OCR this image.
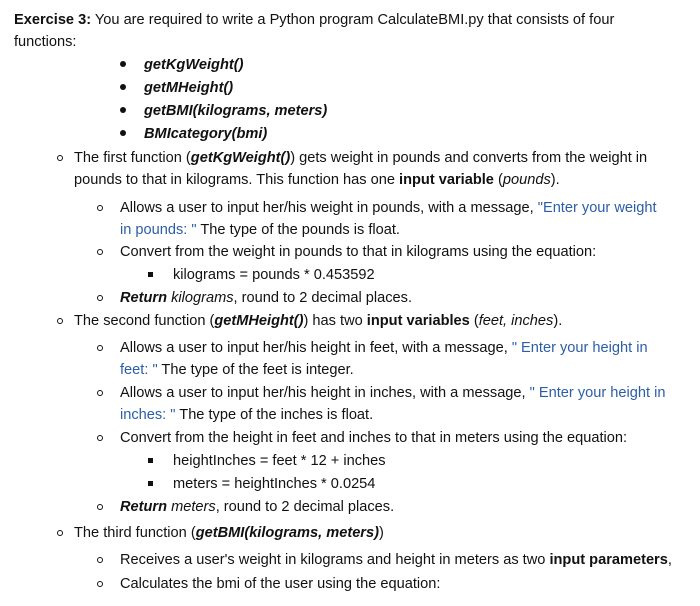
Exercise 3: You are required to write a Python program CalculateBMI.py that consists of four
functions:
getKgWeight()
getMHeight()
getBMI(kilograms, meters)
BMIcategory(bmi)
The first function (getKgWeight()) gets weight in pounds and converts from the weight in
pounds to that in kilograms. This function has one input variable (pounds).
Allows a user to input her/his weight in pounds, with a message, "Enter your weight
in pounds: " The type of the pounds is float.
Convert from the weight in pounds to that in kilograms using the equation:
kilograms = pounds * 0.453592
Return kilograms, round to 2 decimal places.
The second function (getMHeight()) has two input variables (feet, inches).
Allows a user to input her/his height in feet, with a message, " Enter your height in
feet: " The type of the feet is integer.
Allows a user to input her/his height in inches, with a message, " Enter your height in
inches: " The type of the inches is float.
Convert from the height in feet and inches to that in meters using the equation:
heightInches = feet * 12 + inches
meters = heightInches * 0.0254
Return meters, round to 2 decimal places.
The third function (getBMI(kilograms, meters))
Receives a user's weight in kilograms and height in meters as two input parameters,
Calculates the bmi of the user using the equation:
